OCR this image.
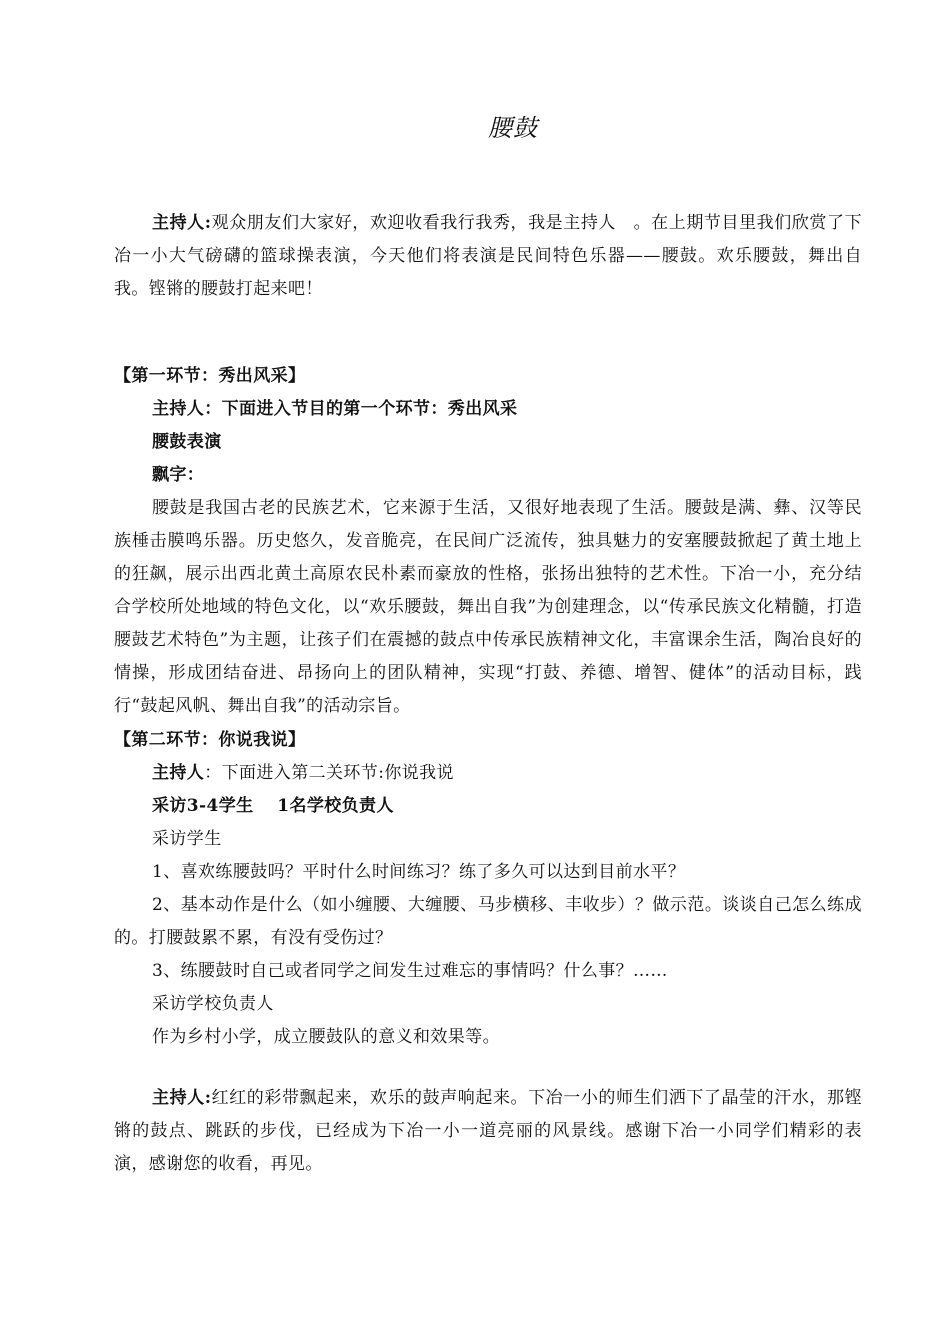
腰鼓

主持人:观众朋友们大家好，欢迎收看我行我秀，我是主持人　。在上期节目里我们欣赏了下冶一小大气磅礴的篮球操表演，今天他们将表演是民间特色乐器——腰鼓。欢乐腰鼓，舞出自我。铿锵的腰鼓打起来吧！

【第一环节：秀出风采】

主持人：下面进入节目的第一个环节：秀出风采

腰鼓表演

飘字：

腰鼓是我国古老的民族艺术，它来源于生活，又很好地表现了生活。腰鼓是满、彝、汉等民族棰击膜鸣乐器。历史悠久，发音脆亮，在民间广泛流传，独具魅力的安塞腰鼓掀起了黄土地上的狂飙，展示出西北黄土高原农民朴素而豪放的性格，张扬出独特的艺术性。下冶一小，充分结合学校所处地域的特色文化，以“欢乐腰鼓，舞出自我”为创建理念，以“传承民族文化精髓，打造腰鼓艺术特色”为主题，让孩子们在震撼的鼓点中传承民族精神文化，丰富课余生活，陶冶良好的情操，形成团结奋进、昂扬向上的团队精神，实现“打鼓、养德、增智、健体”的活动目标，践行“鼓起风帆、舞出自我”的活动宗旨。

【第二环节：你说我说】

主持人：下面进入第二关环节:你说我说

采访3-4学生　 1名学校负责人

采访学生

1、喜欢练腰鼓吗？平时什么时间练习？练了多久可以达到目前水平？

2、基本动作是什么（如小缠腰、大缠腰、马步横移、丰收步）？做示范。谈谈自己怎么练成的。打腰鼓累不累，有没有受伤过？

3、练腰鼓时自己或者同学之间发生过难忘的事情吗？什么事？……

采访学校负责人

作为乡村小学，成立腰鼓队的意义和效果等。

主持人:红红的彩带飘起来，欢乐的鼓声响起来。下冶一小的师生们洒下了晶莹的汗水，那铿锵的鼓点、跳跃的步伐，已经成为下冶一小一道亮丽的风景线。感谢下冶一小同学们精彩的表演，感谢您的收看，再见。
